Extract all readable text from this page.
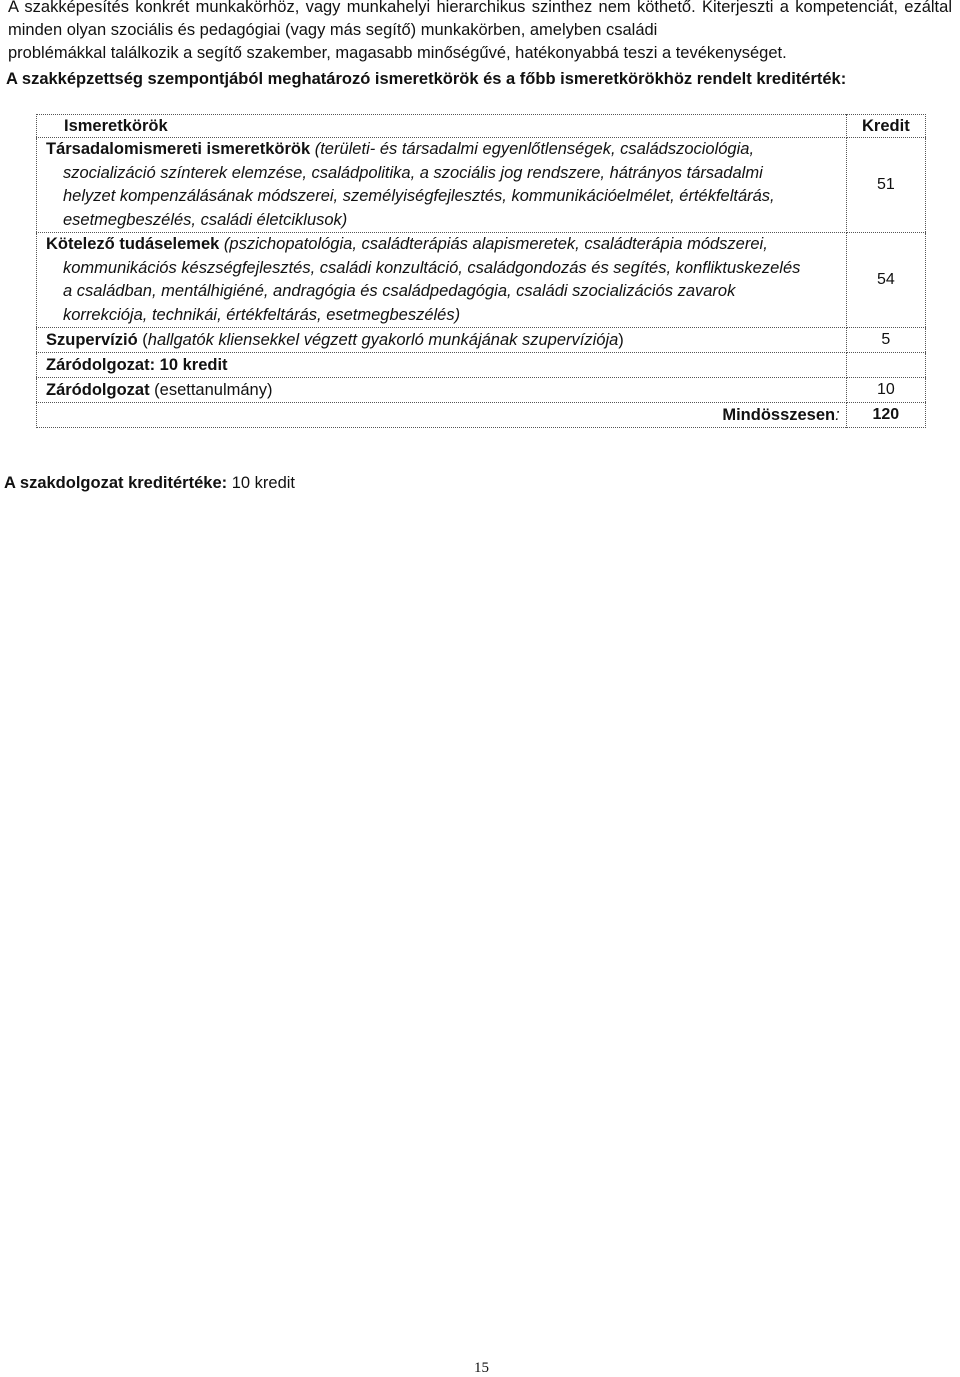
A szakképesítés konkrét munkakörhöz, vagy munkahelyi hierarchikus szinthez nem köthető. Kiterjeszti a kompetenciát, ezáltal minden olyan szociális és pedagógiai (vagy más segítő) munkakörben, amelyben családi
problémákkal találkozik a segítő szakember, magasabb minőségűvé, hatékonyabbá teszi a tevékenységet.

A szakképzettség szempontjából meghatározó ismeretkörök és a főbb ismeretkörökhöz rendelt kreditérték:

Ismeretkörök	Kredit

Társadalomismereti ismeretkörök (területi- és társadalmi egyenlőtlenségek, családszociológia,
szocializáció színterek elemzése, családpolitika, a szociális jog rendszere, hátrányos társadalmi
helyzet kompenzálásának módszerei, személyiségfejlesztés, kommunikációelmélet, értékfeltárás,
esetmegbeszélés, családi életciklusok)	51

Kötelező tudáselemek (pszichopatológia, családterápiás alapismeretek, családterápia módszerei,
kommunikációs készségfejlesztés, családi konzultáció, családgondozás és segítés, konfliktuskezelés
a családban, mentálhigiéné, andragógia és családpedagógia, családi szocializációs zavarok
korrekciója, technikái, értékfeltárás, esetmegbeszélés)	54
Szupervízió (hallgatók kliensekkel végzett gyakorló munkájának szupervíziója)	5
Záródolgozat: 10 kredit	
Záródolgozat (esettanulmány)	10
Mindösszesen:	120

A szakdolgozat kreditértéke: 10 kredit

15
